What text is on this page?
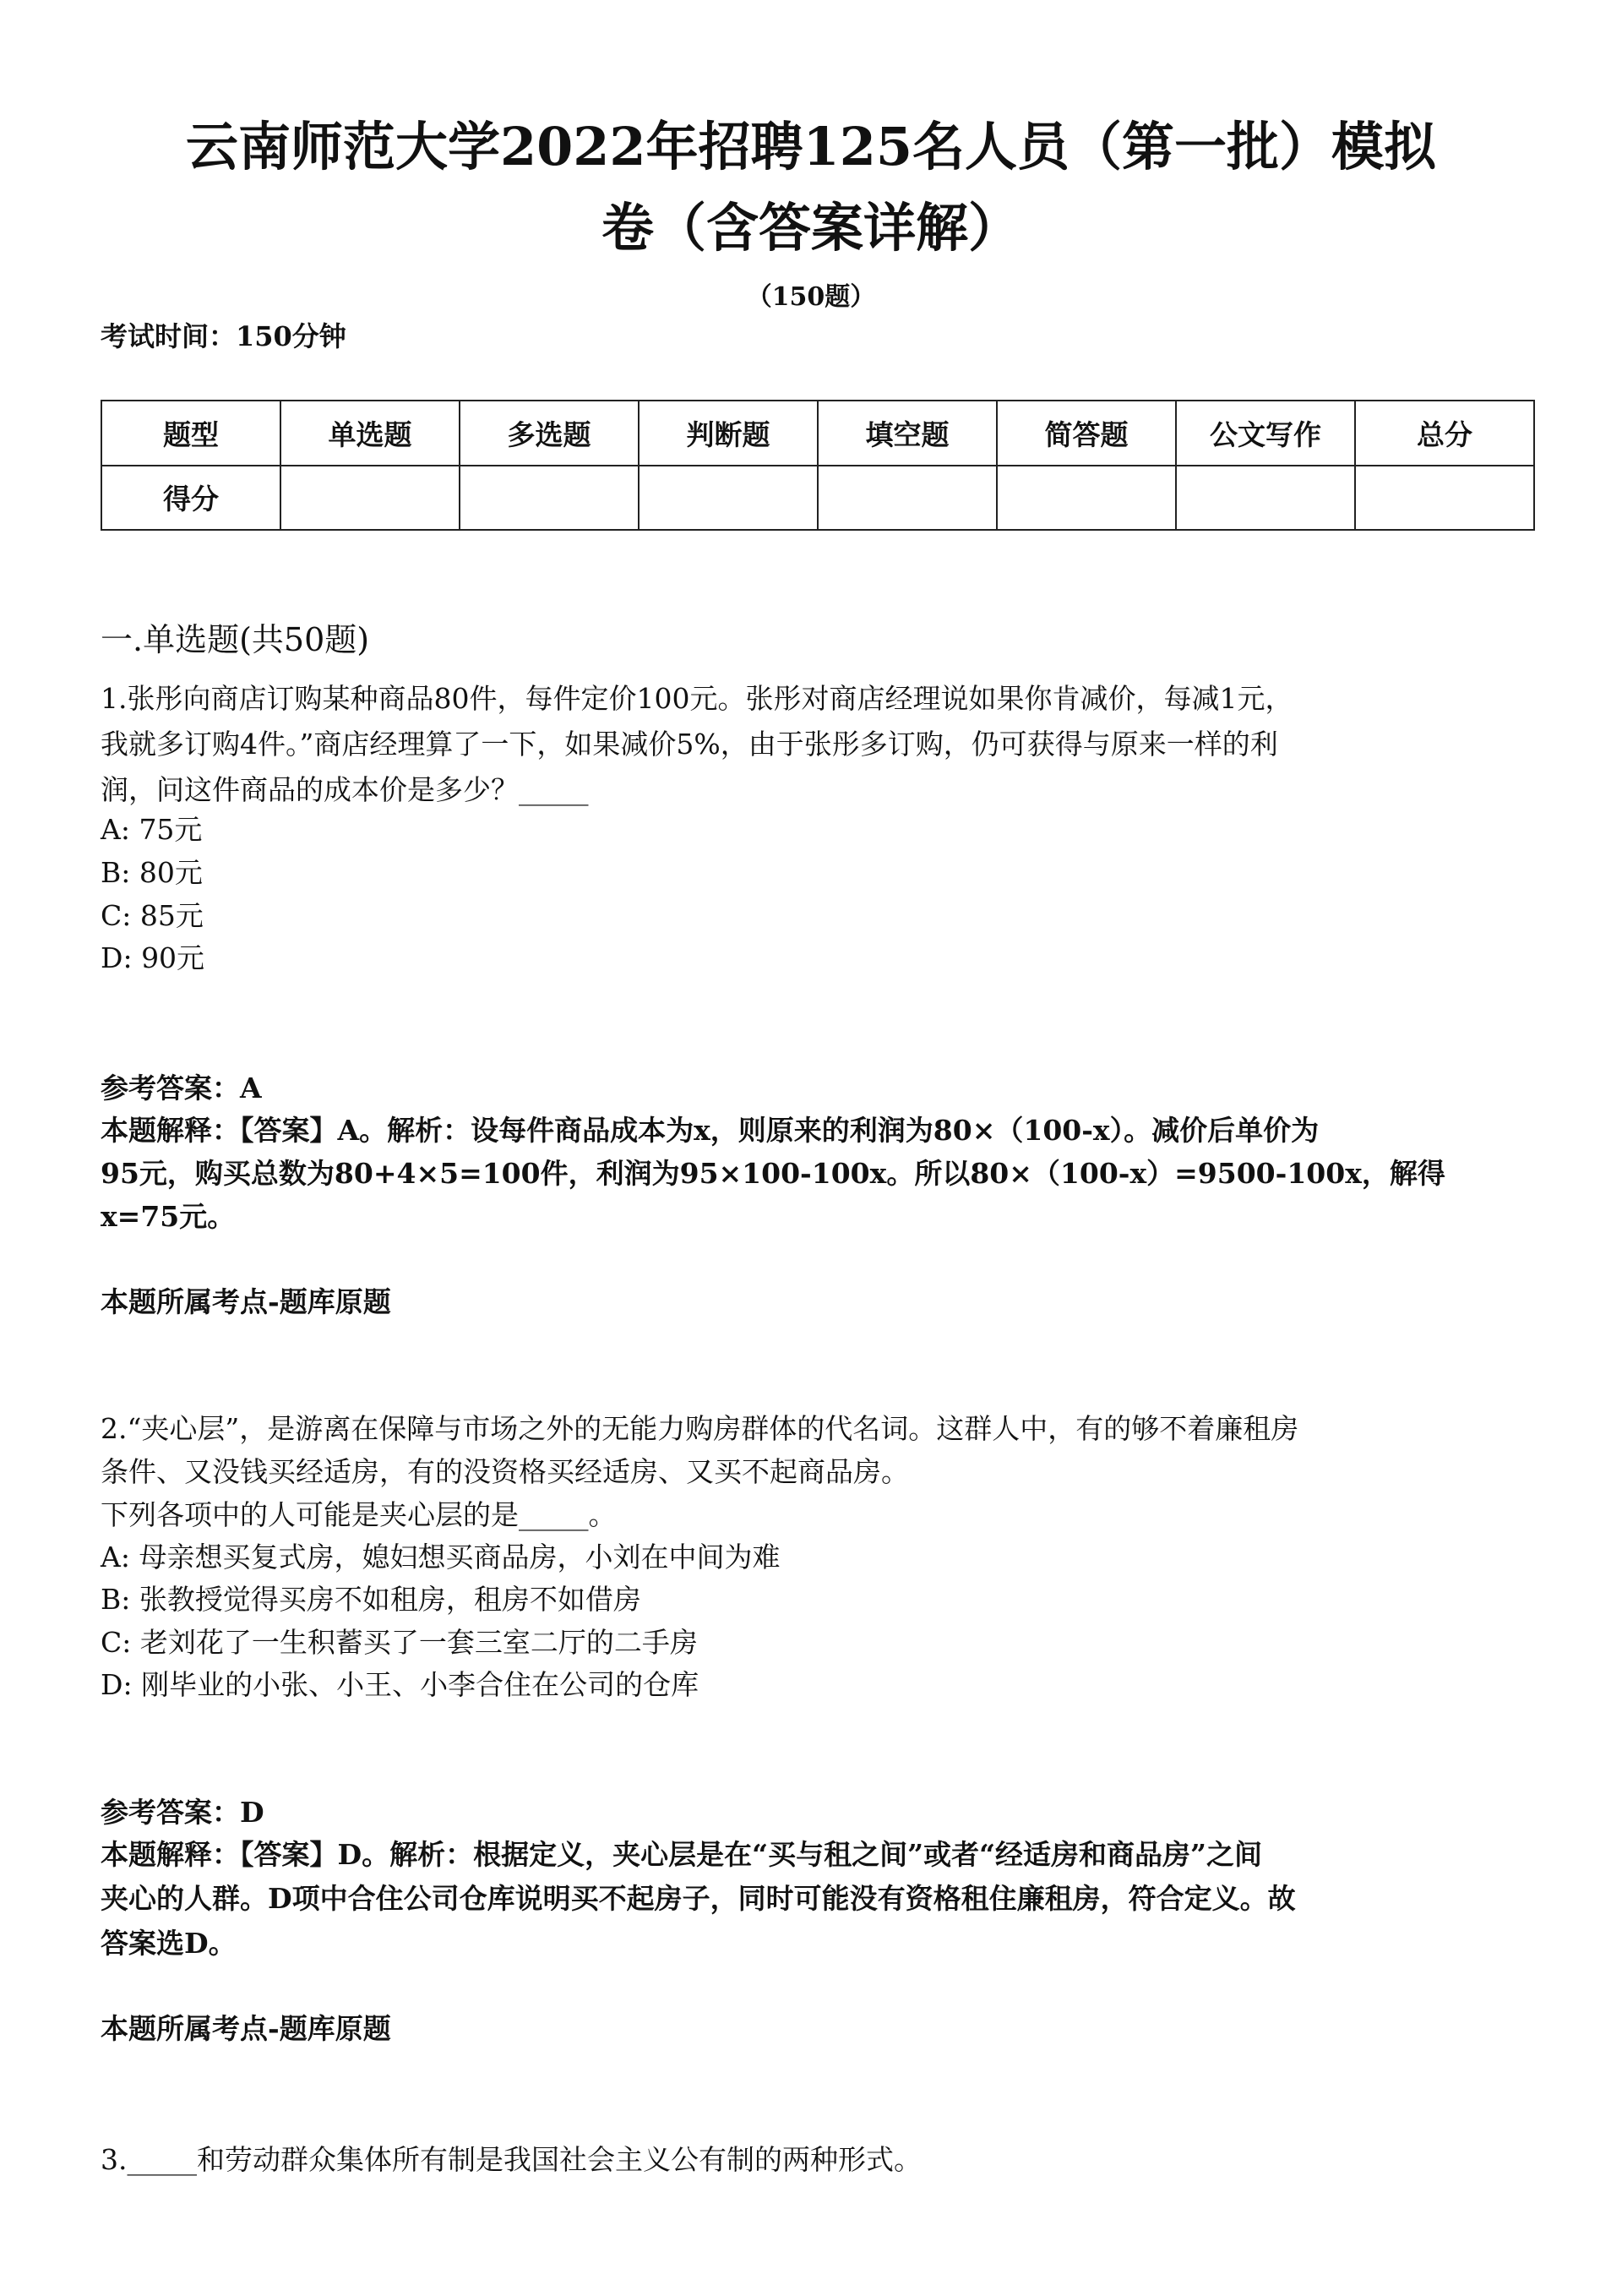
云南师范大学2022年招聘125名人员（第一批）模拟
卷（含答案详解）
（150题）
考试时间：150分钟
题型	单选题	多选题	判断题	填空题	简答题	公文写作	总分
得分							
一.单选题(共50题)
1.张彤向商店订购某种商品80件，每件定价100元。张彤对商店经理说如果你肯减价，每减1元，
我就多订购4件。”商店经理算了一下，如果减价5%，由于张彤多订购，仍可获得与原来一样的利
润，问这件商品的成本价是多少？_____
A: 75元
B: 80元
C: 85元
D: 90元
参考答案：A
本题解释：【答案】A。解析：设每件商品成本为x，则原来的利润为80×（100-x）。减价后单价为
95元，购买总数为80+4×5=100件，利润为95×100-100x。所以80×（100-x）=9500-100x，解得
x=75元。
本题所属考点-题库原题
2.“夹心层”，是游离在保障与市场之外的无能力购房群体的代名词。这群人中，有的够不着廉租房
条件、又没钱买经适房，有的没资格买经适房、又买不起商品房。
下列各项中的人可能是夹心层的是_____。
A: 母亲想买复式房，媳妇想买商品房，小刘在中间为难
B: 张教授觉得买房不如租房，租房不如借房
C: 老刘花了一生积蓄买了一套三室二厅的二手房
D: 刚毕业的小张、小王、小李合住在公司的仓库
参考答案：D
本题解释：【答案】D。解析：根据定义，夹心层是在“买与租之间”或者“经适房和商品房”之间
夹心的人群。D项中合住公司仓库说明买不起房子，同时可能没有资格租住廉租房，符合定义。故
答案选D。
本题所属考点-题库原题
3._____和劳动群众集体所有制是我国社会主义公有制的两种形式。
